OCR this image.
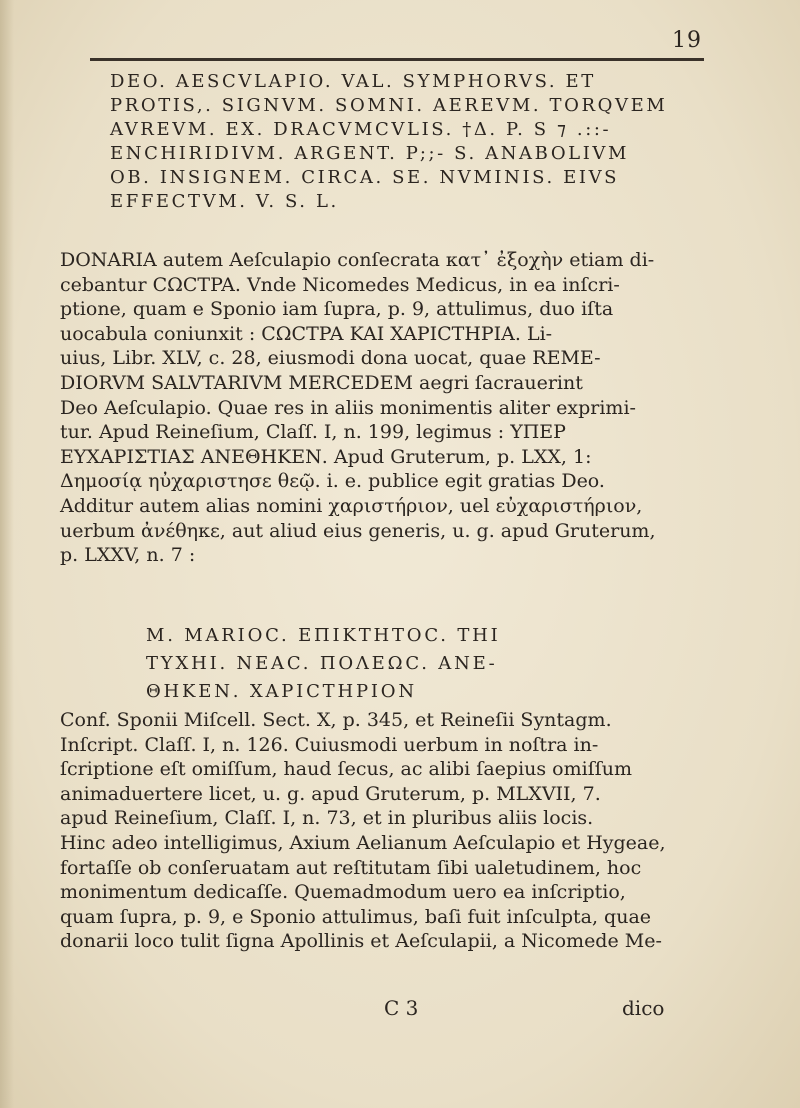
19
DEO. AESCVLAPIO. VAL. SYMPHORVS. ET
PROTIS,. SIGNVM. SOMNI. AEREVM. TORQVEM
AVREVM. EX. DRACVMCVLIS. †Δ. P. S ⁊ .::-
ENCHIRIDIVM. ARGENT. P;;- S. ANABOLIVM
OB. INSIGNEM. CIRCA. SE. NVMINIS. EIVS
EFFECTVM. V. S. L.
DONARIA autem Aeſculapio conſecrata κατ᾽ ἐξοχὴν etiam di-
cebantur CΩCTPA. Vnde Nicomedes Medicus, in ea inſcri-
ptione, quam e Sponio iam ſupra, p. 9, attulimus, duo iſta
uocabula coniunxit : CΩCTPA KAI XAPICTHPIA. Li-
uius, Libr. XLV, c. 28, eiusmodi dona uocat, quae REME-
DIORVM SALVTARIVM MERCEDEM aegri ſacrauerint
Deo Aeſculapio. Quae res in aliis monimentis aliter exprimi-
tur. Apud Reineſium, Claſſ. I, n. 199, legimus : ΥΠΕΡ
ΕΥΧΑΡΙΣΤΙΑΣ ΑΝΕΘΗΚΕΝ. Apud Gruterum, p. LXX, 1:
Δημοσίᾳ ηὐχαριστησε θεῷ. i. e. publice egit gratias Deo.
Additur autem alias nomini χαριστήριον, uel εὐχαριστήριον,
uerbum ἀνέθηκε, aut aliud eius generis, u. g. apud Gruterum,
p. LXXV, n. 7 :
M. MARIOC. ΕΠΙΚΤΗΤΟC. ΤΗΙ
ΤΥΧΗΙ. ΝΕΑC. ΠΟΛΕΩC. ΑΝΕ-
ΘΗΚΕΝ. ΧΑΡΙCΤΗΡΙΟΝ
Conf. Sponii Miſcell. Sect. X, p. 345, et Reineſii Syntagm.
Inſcript. Claſſ. I, n. 126. Cuiusmodi uerbum in noſtra in-
ſcriptione eſt omiſſum, haud ſecus, ac alibi ſaepius omiſſum
animaduertere licet, u. g. apud Gruterum, p. MLXVII, 7.
apud Reineſium, Claſſ. I, n. 73, et in pluribus aliis locis.
Hinc adeo intelligimus, Axium Aelianum Aeſculapio et Hygeae,
fortaſſe ob conſeruatam aut reſtitutam ſibi ualetudinem, hoc
monimentum dedicaſſe. Quemadmodum uero ea inſcriptio,
quam ſupra, p. 9, e Sponio attulimus, baſi fuit inſculpta, quae
donarii loco tulit ſigna Apollinis et Aeſculapii, a Nicomede Me-
C 3	dico
